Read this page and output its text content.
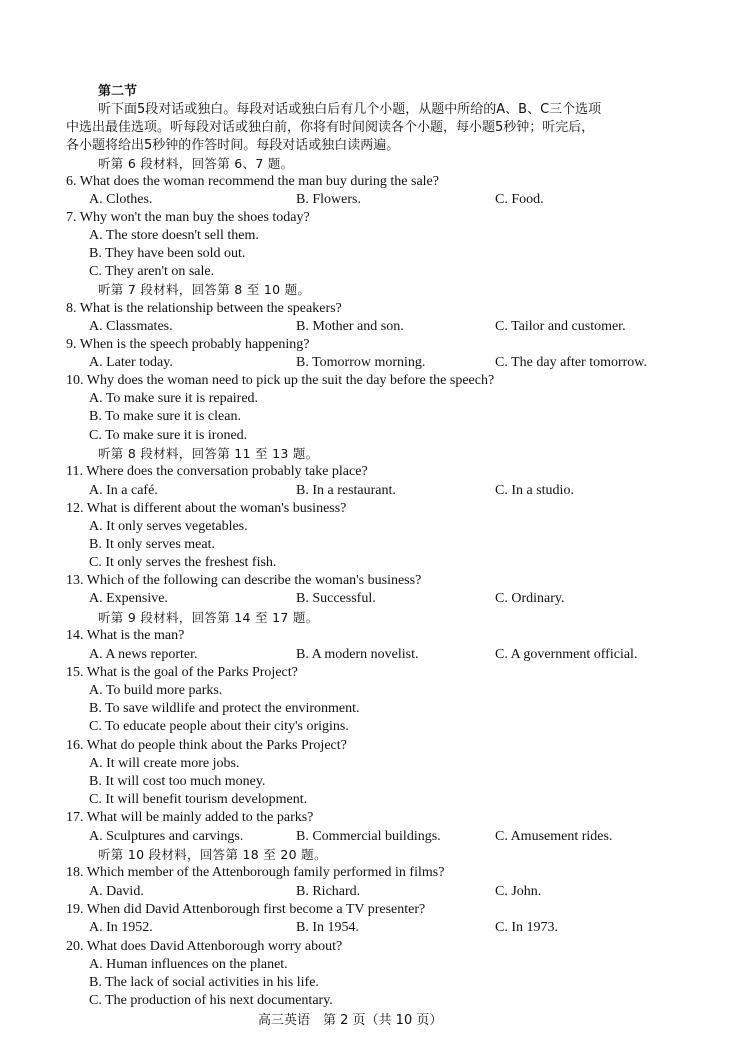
第二节
听下面5段对话或独白。每段对话或独白后有几个小题，从题中所给的A、B、C三个选项
中选出最佳选项。听每段对话或独白前，你将有时间阅读各个小题，每小题5秒钟；听完后，
各小题将给出5秒钟的作答时间。每段对话或独白读两遍。
听第 6 段材料，回答第 6、7 题。
6. What does the woman recommend the man buy during the sale?
A. Clothes.	B. Flowers.	C. Food.
7. Why won't the man buy the shoes today?
A. The store doesn't sell them.
B. They have been sold out.
C. They aren't on sale.
听第 7 段材料，回答第 8 至 10 题。
8. What is the relationship between the speakers?
A. Classmates.	B. Mother and son.	C. Tailor and customer.
9. When is the speech probably happening?
A. Later today.	B. Tomorrow morning.	C. The day after tomorrow.
10. Why does the woman need to pick up the suit the day before the speech?
A. To make sure it is repaired.
B. To make sure it is clean.
C. To make sure it is ironed.
听第 8 段材料，回答第 11 至 13 题。
11. Where does the conversation probably take place?
A. In a café.	B. In a restaurant.	C. In a studio.
12. What is different about the woman's business?
A. It only serves vegetables.
B. It only serves meat.
C. It only serves the freshest fish.
13. Which of the following can describe the woman's business?
A. Expensive.	B. Successful.	C. Ordinary.
听第 9 段材料，回答第 14 至 17 题。
14. What is the man?
A. A news reporter.	B. A modern novelist.	C. A government official.
15. What is the goal of the Parks Project?
A. To build more parks.
B. To save wildlife and protect the environment.
C. To educate people about their city's origins.
16. What do people think about the Parks Project?
A. It will create more jobs.
B. It will cost too much money.
C. It will benefit tourism development.
17. What will be mainly added to the parks?
A. Sculptures and carvings.	B. Commercial buildings.	C. Amusement rides.
听第 10 段材料，回答第 18 至 20 题。
18. Which member of the Attenborough family performed in films?
A. David.	B. Richard.	C. John.
19. When did David Attenborough first become a TV presenter?
A. In 1952.	B. In 1954.	C. In 1973.
20. What does David Attenborough worry about?
A. Human influences on the planet.
B. The lack of social activities in his life.
C. The production of his next documentary.
高三英语　第 2 页（共 10 页）
